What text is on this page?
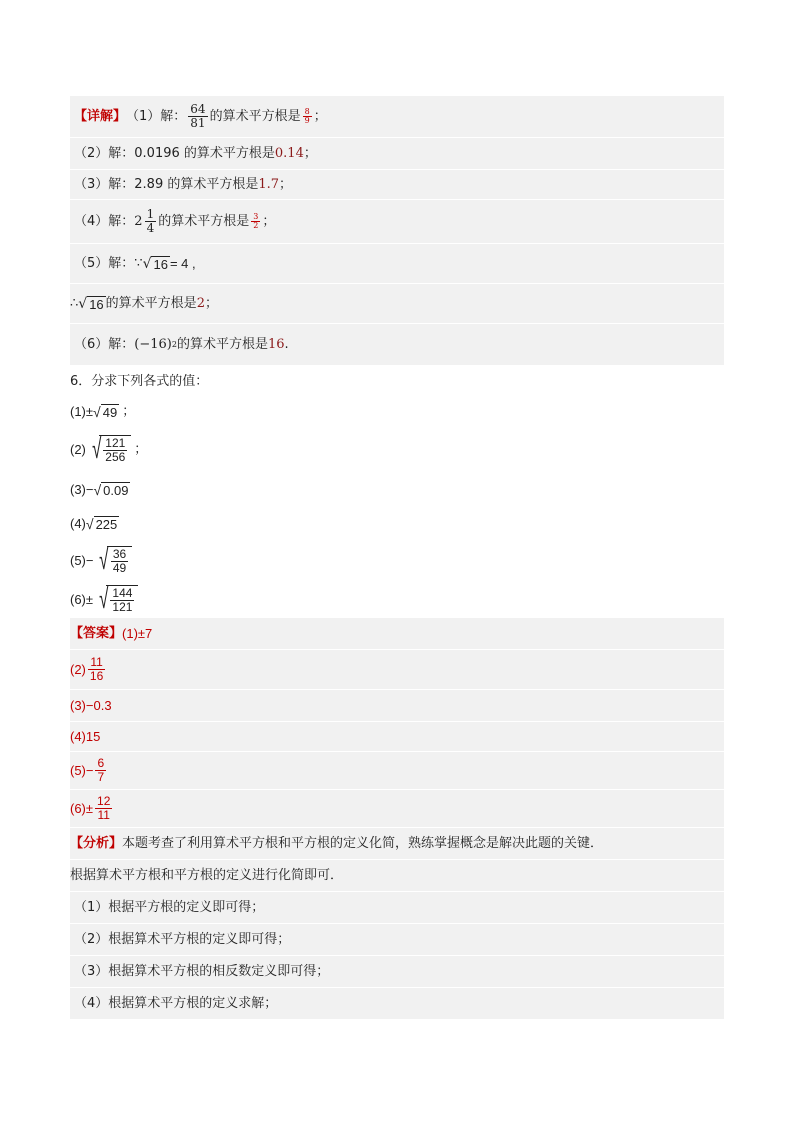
【详解】 （1）解： $\frac{64}{81}$ 的算术平方根是 $\frac{8}{9}$ ；
（2）解： 0.0196 的算术平方根是 0.14 ；
（3）解： 2.89 的算术平方根是 1.7 ；
（4）解： $2 \frac{1}{4}$ 的算术平方根是 $\frac{3}{2}$ ；
（5）解： ∵ √ 16 = 4 ,
∴ √ 16 的算术平方根是 2 ；
（6）解： (−16) 2 的算术平方根是 16 .
6．分求下列各式的值：
(1) ± √ 49 ；
(2) √ $\frac{121}{256}$ ；
(3) − √ 0.09
(4) √ 225
(5) − √ $\frac{36}{49}$
(6) ± √ $\frac{144}{121}$
【答案】 (1) ±7
$(2) \frac{11}{16}$
(3) −0.3
(4) 15
$(5) - \frac{6}{7}$
$(6) \pm \frac{12}{11}$
【分析】 本题考查了利用算术平方根和平方根的定义化简，熟练掌握概念是解决此题的关键．
根据算术平方根和平方根的定义进行化简即可．
（1）根据平方根的定义即可得；
（2）根据算术平方根的定义即可得；
（3）根据算术平方根的相反数定义即可得；
（4）根据算术平方根的定义求解；
